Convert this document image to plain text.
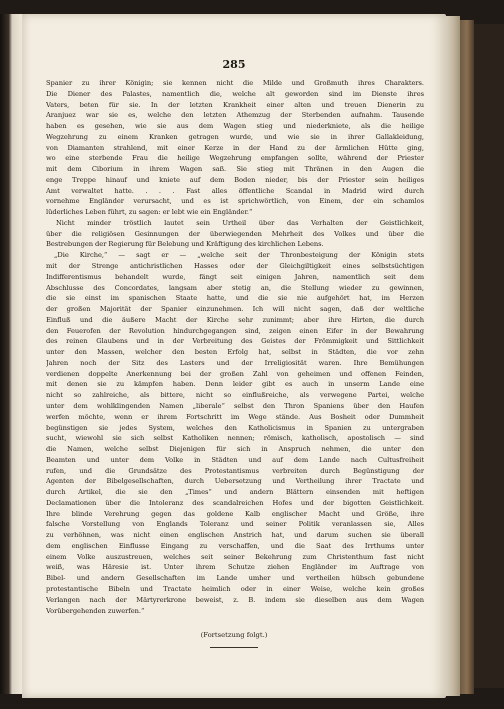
285
Spanier zu ihrer Königin; sie kennen nicht die Milde und Großmuth ihres Charakters.
Die Diener des Palastes, namentlich die, welche alt geworden sind im Dienste ihres
Vaters, beten für sie. In der letzten Krankheit einer alten und treuen Dienerin zu
Aranjuez war sie es, welche den letzten Athemzug der Sterbenden aufnahm. Tausende
haben es gesehen, wie sie aus dem Wagen stieg und niederkniete, als die heilige
Wegzehrung zu einem Kranken getragen wurde, und wie sie in ihrer Gallakleidung,
von Diamanten strahlend, mit einer Kerze in der Hand zu der ärmlichen Hütte ging,
wo eine sterbende Frau die heilige Wegzehrung empfangen sollte, während der Priester
mit dem Ciborium in ihrem Wagen saß. Sie stieg mit Thränen in den Augen die
enge Treppe hinauf und kniete auf dem Boden nieder, bis der Priester sein heiliges
Amt verwaltet hatte. . . . Fast alles öffentliche Scandal in Madrid wird durch
vornehme Engländer verursacht, und es ist sprichwörtlich, von Einem, der ein schamlos
lüderliches Leben führt, zu sagen: er lebt wie ein Engländer.“
Nicht minder tröstlich lautet sein Urtheil über das Verhalten der Geistlichkeit,
über die religiösen Gesinnungen der überwiegenden Mehrheit des Volkes und über die
Bestrebungen der Regierung für Belebung und Kräftigung des kirchlichen Lebens.
„Die Kirche,“ — sagt er — „welche seit der Thronbesteigung der Königin stets
mit der Strenge antichristlichen Hasses oder der Gleichgiltigkeit eines selbstsüchtigen
Indifferentismus behandelt wurde, fängt seit einigen Jahren, namentlich seit dem
Abschlusse des Concordates, langsam aber stetig an, die Stellung wieder zu gewinnen,
die sie einst im spanischen Staate hatte, und die sie nie aufgehört hat, im Herzen
der großen Majorität der Spanier einzunehmen. Ich will nicht sagen, daß der weltliche
Einfluß und die äußere Macht der Kirche sehr zunimmt; aber ihre Hirten, die durch
den Feuerofen der Revolution hindurchgegangen sind, zeigen einen Eifer in der Bewahrung
des reinen Glaubens und in der Verbreitung des Geistes der Frömmigkeit und Sittlichkeit
unter den Massen, welcher den besten Erfolg hat, selbst in Städten, die vor zehn
Jahren noch der Sitz des Lasters und der Irreligiosität waren. Ihre Bemühungen
verdienen doppelte Anerkennung bei der großen Zahl von geheimen und offenen Feinden,
mit denen sie zu kämpfen haben. Denn leider gibt es auch in unserm Lande eine
nicht so zahlreiche, als bittere, nicht so einflußreiche, als verwegene Partei, welche
unter dem wohlklingenden Namen „liberale“ selbst den Thron Spaniens über den Haufen
werfen möchte, wenn er ihrem Fortschritt im Wege stände. Aus Bosheit oder Dummheit
begünstigen sie jedes System, welches den Katholicismus in Spanien zu untergraben
sucht, wiewohl sie sich selbst Katholiken nennen; römisch, katholisch, apostolisch — sind
die Namen, welche selbst Diejenigen für sich in Anspruch nehmen, die unter den
Beamten und unter dem Volke in Städten und auf dem Lande nach Cultusfreiheit
rufen, und die Grundsätze des Protestantismus verbreiten durch Begünstigung der
Agenten der Bibelgesellschaften, durch Uebersetzung und Vertheilung ihrer Tractate und
durch Artikel, die sie den „Times“ und andern Blättern einsenden mit heftigen
Declamationen über die Intoleranz des scandalreichen Hofes und der bigotten Geistlichkeit.
Ihre blinde Verehrung gegen das goldene Kalb englischer Macht und Größe, ihre
falsche Vorstellung von Englands Toleranz und seiner Politik veranlassen sie, Alles
zu verhöhnen, was nicht einen englischen Anstrich hat, und darum suchen sie überall
dem englischen Einflusse Eingang zu verschaffen, und die Saat des Irrthums unter
einem Volke auszustreuen, welches seit seiner Bekehrung zum Christenthum fast nicht
weiß, was Häresie ist. Unter ihrem Schutze ziehen Engländer im Auftrage von
Bibel- und andern Gesellschaften im Lande umher und vertheilen hübsch gebundene
protestantische Bibeln und Tractate heimlich oder in einer Weise, welche kein großes
Verlangen nach der Märtyrerkrone beweist, z. B. indem sie dieselben aus dem Wagen
Vorübergehenden zuwerfen.“
(Fortsetzung folgt.)
